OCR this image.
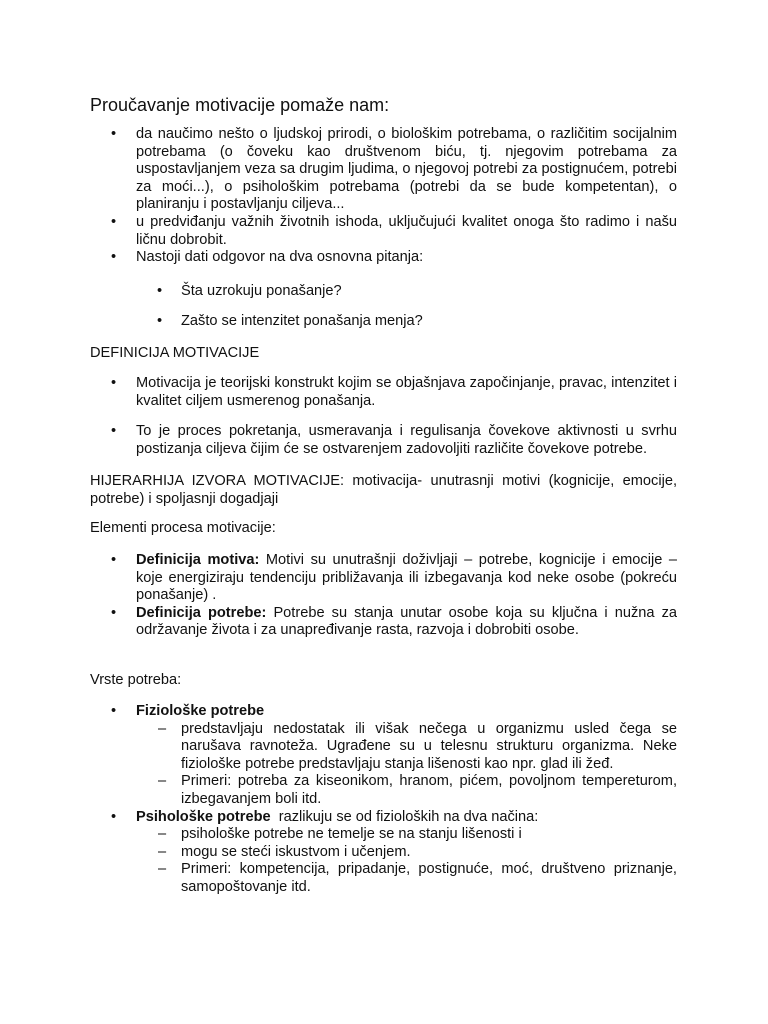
Proučavanje motivacije pomaže nam:
• da naučimo nešto o ljudskoj prirodi, o biološkim potrebama, o različitim socijalnim potrebama (o čoveku kao društvenom biću, tj. njegovim potrebama za uspostavljanjem veza sa drugim ljudima, o njegovoj potrebi za postignućem, potrebi za moći...), o psihološkim potrebama (potrebi da se bude kompetentan), o planiranju i postavljanju ciljeva...
• u predviđanju važnih životnih ishoda, uključujući kvalitet onoga što radimo i našu ličnu dobrobit.
• Nastoji dati odgovor na dva osnovna pitanja:
• Šta uzrokuju ponašanje?
• Zašto se intenzitet ponašanja menja?

DEFINICIJA MOTIVACIJE

• Motivacija je teorijski konstrukt kojim se objašnjava započinjanje, pravac, intenzitet i kvalitet ciljem usmerenog ponašanja.
• To je proces pokretanja, usmeravanja i regulisanja čovekove aktivnosti u svrhu postizanja ciljeva čijim će se ostvarenjem zadovoljiti različite čovekove potrebe.

HIJERARHIJA IZVORA MOTIVACIJE: motivacija- unutrasnji motivi (kognicije, emocije, potrebe) i spoljasnji dogadjaji

Elementi procesa motivacije:

• Definicija motiva: Motivi su unutrašnji doživljaji – potrebe, kognicije i emocije – koje energiziraju tendenciju približavanja ili izbegavanja kod neke osobe (pokreću ponašanje) .
• Definicija potrebe: Potrebe su stanja unutar osobe koja su ključna i nužna za održavanje života i za unapređivanje rasta, razvoja i dobrobiti osobe.

Vrste potreba:

• Fiziološke potrebe
– predstavljaju nedostatak ili višak nečega u organizmu usled čega se narušava ravnoteža. Ugrađene su u telesnu strukturu organizma. Neke fiziološke potrebe predstavljaju stanja lišenosti kao npr. glad ili žeđ.
– Primeri: potreba za kiseonikom, hranom, pićem, povoljnom tempereturom, izbegavanjem boli itd.
• Psihološke potrebe  razlikuju se od fizioloških na dva načina:
– psihološke potrebe ne temelje se na stanju lišenosti i
– mogu se steći iskustvom i učenjem.
– Primeri: kompetencija, pripadanje, postignuće, moć, društveno priznanje, samopoštovanje itd.
